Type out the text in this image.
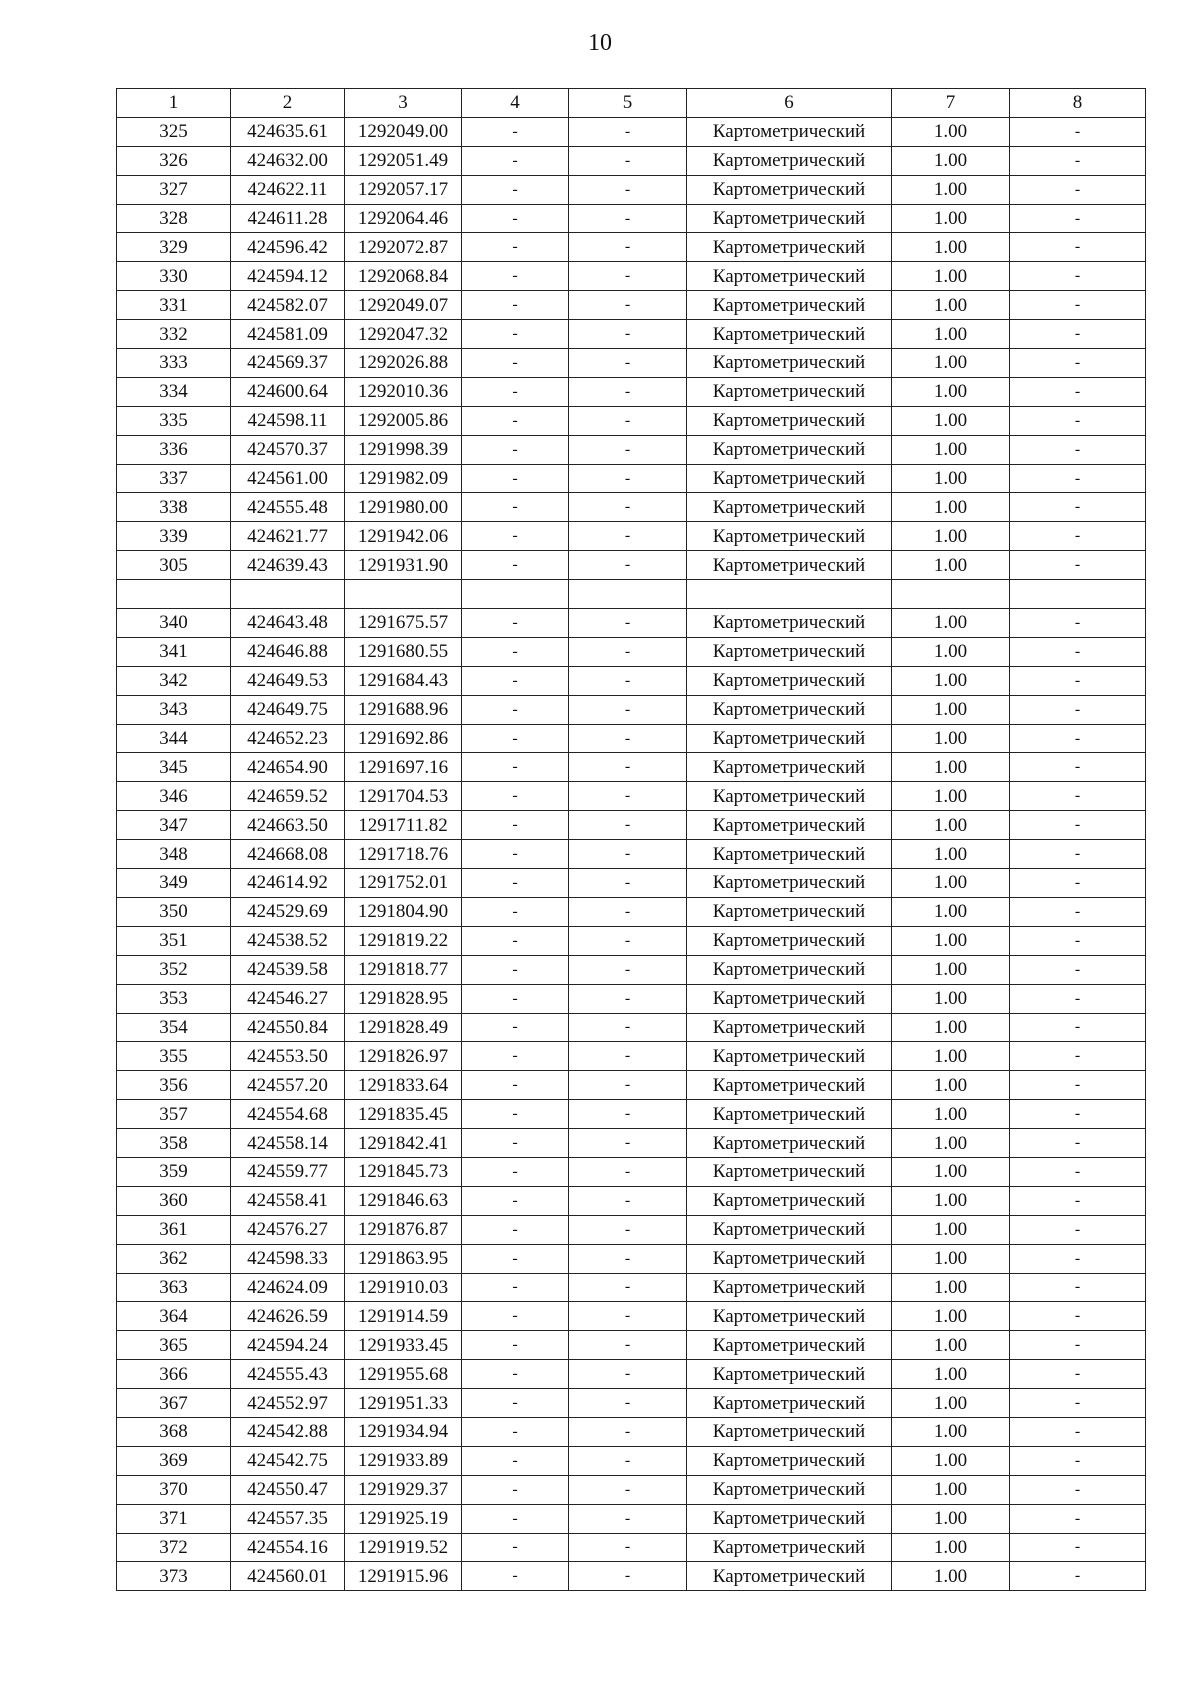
10
1	2	3	4	5	6	7	8
325	424635.61	1292049.00	-	-	Картометрический	1.00	-
326	424632.00	1292051.49	-	-	Картометрический	1.00	-
327	424622.11	1292057.17	-	-	Картометрический	1.00	-
328	424611.28	1292064.46	-	-	Картометрический	1.00	-
329	424596.42	1292072.87	-	-	Картометрический	1.00	-
330	424594.12	1292068.84	-	-	Картометрический	1.00	-
331	424582.07	1292049.07	-	-	Картометрический	1.00	-
332	424581.09	1292047.32	-	-	Картометрический	1.00	-
333	424569.37	1292026.88	-	-	Картометрический	1.00	-
334	424600.64	1292010.36	-	-	Картометрический	1.00	-
335	424598.11	1292005.86	-	-	Картометрический	1.00	-
336	424570.37	1291998.39	-	-	Картометрический	1.00	-
337	424561.00	1291982.09	-	-	Картометрический	1.00	-
338	424555.48	1291980.00	-	-	Картометрический	1.00	-
339	424621.77	1291942.06	-	-	Картометрический	1.00	-
305	424639.43	1291931.90	-	-	Картометрический	1.00	-

340	424643.48	1291675.57	-	-	Картометрический	1.00	-
341	424646.88	1291680.55	-	-	Картометрический	1.00	-
342	424649.53	1291684.43	-	-	Картометрический	1.00	-
343	424649.75	1291688.96	-	-	Картометрический	1.00	-
344	424652.23	1291692.86	-	-	Картометрический	1.00	-
345	424654.90	1291697.16	-	-	Картометрический	1.00	-
346	424659.52	1291704.53	-	-	Картометрический	1.00	-
347	424663.50	1291711.82	-	-	Картометрический	1.00	-
348	424668.08	1291718.76	-	-	Картометрический	1.00	-
349	424614.92	1291752.01	-	-	Картометрический	1.00	-
350	424529.69	1291804.90	-	-	Картометрический	1.00	-
351	424538.52	1291819.22	-	-	Картометрический	1.00	-
352	424539.58	1291818.77	-	-	Картометрический	1.00	-
353	424546.27	1291828.95	-	-	Картометрический	1.00	-
354	424550.84	1291828.49	-	-	Картометрический	1.00	-
355	424553.50	1291826.97	-	-	Картометрический	1.00	-
356	424557.20	1291833.64	-	-	Картометрический	1.00	-
357	424554.68	1291835.45	-	-	Картометрический	1.00	-
358	424558.14	1291842.41	-	-	Картометрический	1.00	-
359	424559.77	1291845.73	-	-	Картометрический	1.00	-
360	424558.41	1291846.63	-	-	Картометрический	1.00	-
361	424576.27	1291876.87	-	-	Картометрический	1.00	-
362	424598.33	1291863.95	-	-	Картометрический	1.00	-
363	424624.09	1291910.03	-	-	Картометрический	1.00	-
364	424626.59	1291914.59	-	-	Картометрический	1.00	-
365	424594.24	1291933.45	-	-	Картометрический	1.00	-
366	424555.43	1291955.68	-	-	Картометрический	1.00	-
367	424552.97	1291951.33	-	-	Картометрический	1.00	-
368	424542.88	1291934.94	-	-	Картометрический	1.00	-
369	424542.75	1291933.89	-	-	Картометрический	1.00	-
370	424550.47	1291929.37	-	-	Картометрический	1.00	-
371	424557.35	1291925.19	-	-	Картометрический	1.00	-
372	424554.16	1291919.52	-	-	Картометрический	1.00	-
373	424560.01	1291915.96	-	-	Картометрический	1.00	-
